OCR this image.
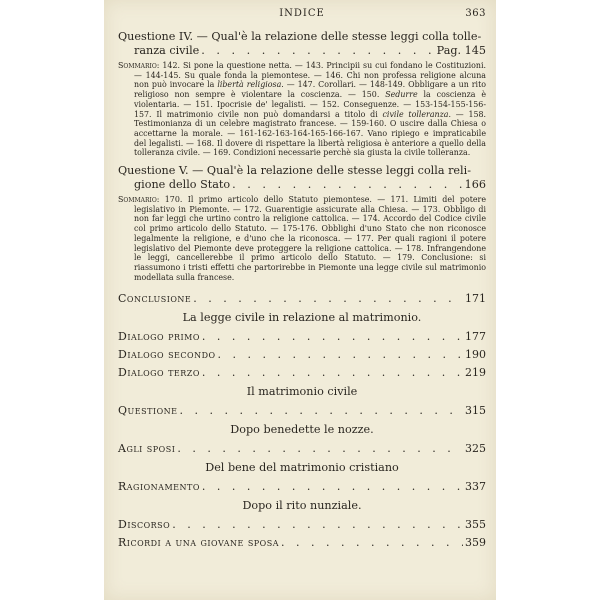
INDICE	363
Questione IV. — Qual'è la relazione delle stesse leggi colla tolle-
ranza civile . . .	Pag. 145
Sommario: 142. Si pone la questione netta. — 143. Principii su cui fondano le Costituzioni. — 144-145. Su quale fonda la piemontese. — 146. Chi non professa religione alcuna non può invocare la libertà religiosa. — 147. Corollari. — 148-149. Obbligare a un rito religioso non sempre è violentare la coscienza. — 150. Sedurre la coscienza è violentaria. — 151. Ipocrisie de' legalisti. — 152. Conseguenze. — 153-154-155-156-157. Il matrimonio civile non può domandarsi a titolo di civile tolleranza. — 158. Testimonianza di un celebre magistrato francese. — 159-160. O uscire dalla Chiesa o accettarne la morale. — 161-162-163-164-165-166-167. Vano ripiego e impraticabile del legalisti. — 168. Il dovere di rispettare la libertà religiosa è anteriore a quello della tolleranza civile. — 169. Condizioni necessarie perchè sia giusta la civile tolleranza.
Questione V. — Qual'è la relazione delle stesse leggi colla reli-
gione dello Stato . . .	166
Sommario: 170. Il primo articolo dello Statuto piemontese. — 171. Limiti del potere legislativo in Piemonte. — 172. Guarentigie assicurate alla Chiesa. — 173. Obbligo di non far leggi che urtino contro la religione cattolica. — 174. Accordo del Codice civile col primo articolo dello Statuto. — 175-176. Obblighi d'uno Stato che non riconosce legalmente la religione, e d'uno che la riconosca. — 177. Per quali ragioni il potere legislativo del Piemonte deve proteggere la religione cattolica. — 178. Infrangendone le leggi, cancellerebbe il primo articolo dello Statuto. — 179. Conclusione: si riassumono i tristi effetti che partorirebbe in Piemonte una legge civile sul matrimonio modellata sulla francese.
Conclusione . . .	171
La legge civile in relazione al matrimonio.
Dialogo primo . . .	177
Dialogo secondo . . .	190
Dialogo terzo . . .	219
Il matrimonio civile
Questione . . .	315
Dopo benedette le nozze.
Agli sposi . . .	325
Del bene del matrimonio cristiano
Ragionamento . . .	337
Dopo il rito nunziale.
Discorso . . .	355
Ricordi a una giovane sposa . . .	359
